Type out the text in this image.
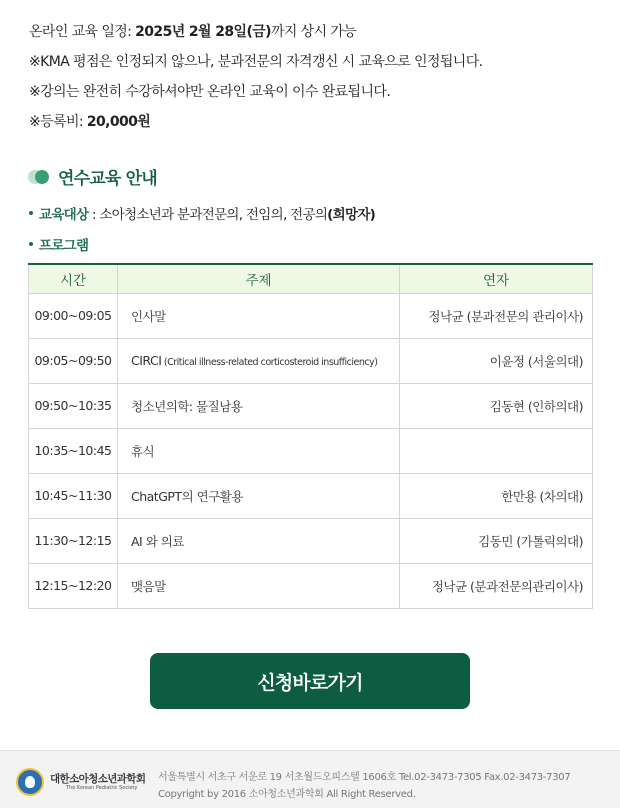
온라인 교육 일정: 2025년 2월 28일(금)까지 상시 가능
※KMA 평점은 인정되지 않으나, 분과전문의 자격갱신 시 교육으로 인정됩니다.
※강의는 완전히 수강하셔야만 온라인 교육이 이수 완료됩니다.
※등록비: 20,000원
연수교육 안내
교육대상 : 소아청소년과 분과전문의, 전임의, 전공의(희망자)
프로그램
시간	주제	연자
09:00~09:05	인사말	정낙균 (분과전문의 관리이사)
09:05~09:50	CIRCI (Critical illness-related corticosteroid insufficiency)	이윤정 (서울의대)
09:50~10:35	청소년의학: 물질남용	김동현 (인하의대)
10:35~10:45	휴식	
10:45~11:30	ChatGPT의 연구활용	한만용 (차의대)
11:30~12:15	AI 와 의료	김동민 (가톨릭의대)
12:15~12:20	맺음말	정낙균 (분과전문의관리이사)
신청바로가기
대한소아청소년과학회
The Korean Pediatric Society
서울특별시 서초구 서운로 19 서초월드오피스텔 1606호 Tel.02-3473-7305 Fax.02-3473-7307
Copyright by 2016 소아청소년과학회 All Right Reserved.
